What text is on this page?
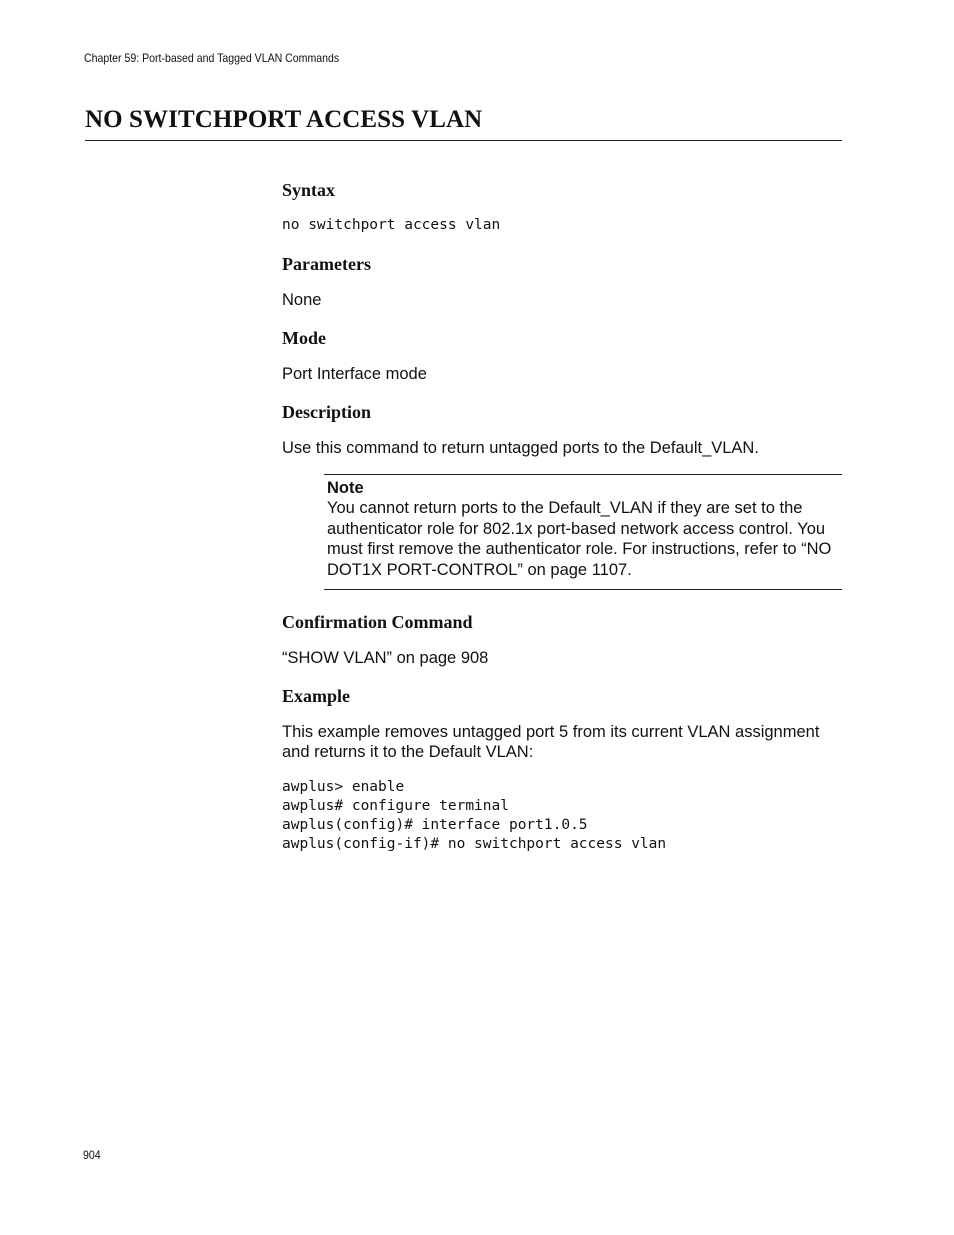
Chapter 59: Port-based and Tagged VLAN Commands
NO SWITCHPORT ACCESS VLAN
Syntax

no switchport access vlan

Parameters

None

Mode

Port Interface mode

Description

Use this command to return untagged ports to the Default_VLAN.

Note

You cannot return ports to the Default_VLAN if they are set to the authenticator role for 802.1x port-based network access control. You must first remove the authenticator role. For instructions, refer to “NO DOT1X PORT-CONTROL” on page 1107.

Confirmation Command

“SHOW VLAN” on page 908

Example

This example removes untagged port 5 from its current VLAN assignment and returns it to the Default VLAN:

awplus> enable

awplus# configure terminal

awplus(config)# interface port1.0.5

awplus(config-if)# no switchport access vlan

904
